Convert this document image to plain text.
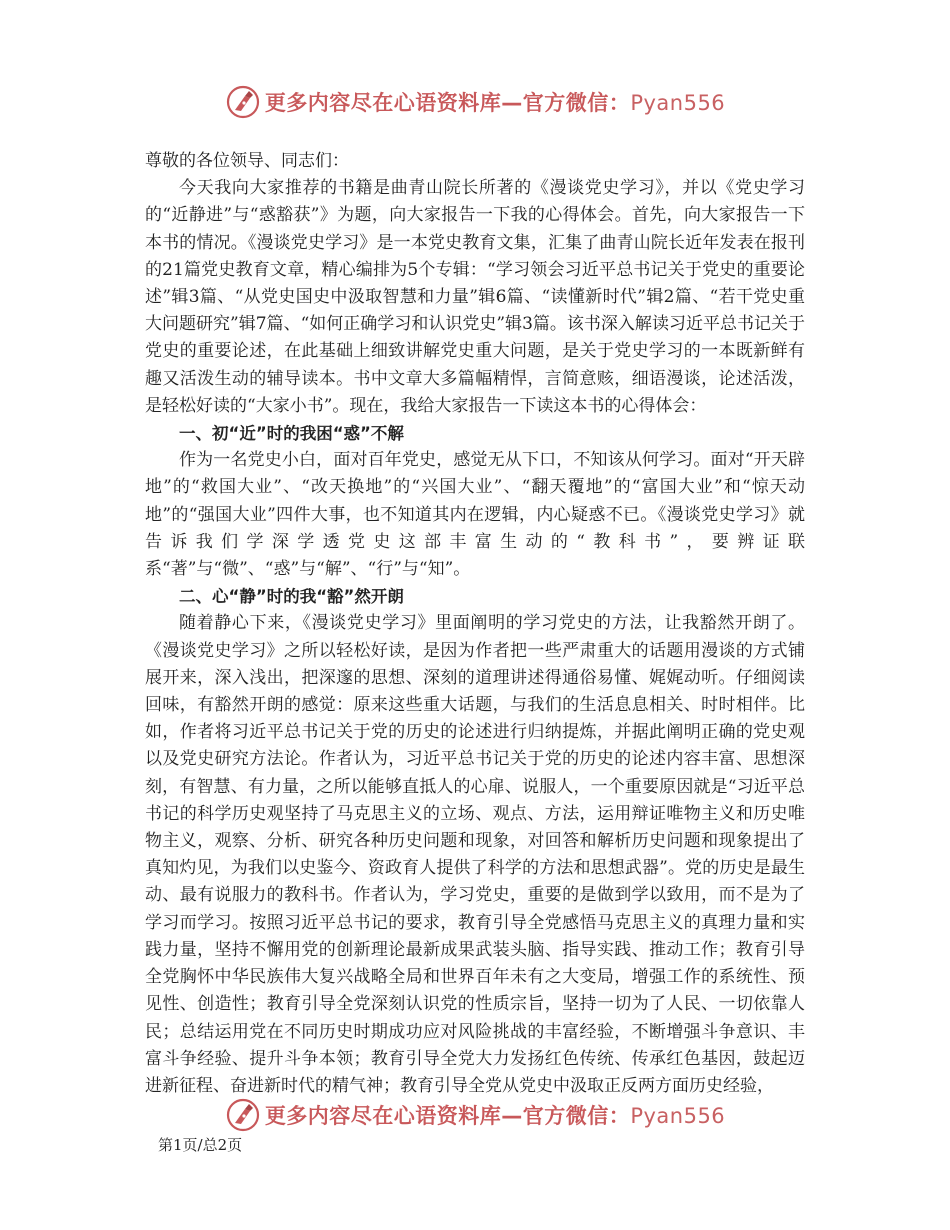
更多内容尽在心语资料库—官方微信：Pyan556

尊敬的各位领导、同志们：

今天我向大家推荐的书籍是曲青山院长所著的《漫谈党史学习》，并以《党史学习的“近静进”与“惑豁获”》为题，向大家报告一下我的心得体会。首先，向大家报告一下本书的情况。《漫谈党史学习》是一本党史教育文集，汇集了曲青山院长近年发表在报刊的21篇党史教育文章，精心编排为5个专辑：“学习领会习近平总书记关于党史的重要论述”辑3篇、“从党史国史中汲取智慧和力量”辑6篇、“读懂新时代”辑2篇、“若干党史重大问题研究”辑7篇、“如何正确学习和认识党史”辑3篇。该书深入解读习近平总书记关于党史的重要论述，在此基础上细致讲解党史重大问题，是关于党史学习的一本既新鲜有趣又活泼生动的辅导读本。书中文章大多篇幅精悍，言简意赅，细语漫谈，论述活泼，是轻松好读的“大家小书”。现在，我给大家报告一下读这本书的心得体会：

一、初“近”时的我困“惑”不解

作为一名党史小白，面对百年党史，感觉无从下口，不知该从何学习。面对“开天辟地”的“救国大业”、“改天换地”的“兴国大业”、“翻天覆地”的“富国大业”和“惊天动地”的“强国大业”四件大事，也不知道其内在逻辑，内心疑惑不已。《漫谈党史学习》就告诉我们学深学透党史这部丰富生动的“教科书”，要辨证联系“著”与“微”、“惑”与“解”、“行”与“知”。

二、心“静”时的我“豁”然开朗

随着静心下来，《漫谈党史学习》里面阐明的学习党史的方法，让我豁然开朗了。《漫谈党史学习》之所以轻松好读，是因为作者把一些严肃重大的话题用漫谈的方式铺展开来，深入浅出，把深邃的思想、深刻的道理讲述得通俗易懂、娓娓动听。仔细阅读回味，有豁然开朗的感觉：原来这些重大话题，与我们的生活息息相关、时时相伴。比如，作者将习近平总书记关于党的历史的论述进行归纳提炼，并据此阐明正确的党史观以及党史研究方法论。作者认为，习近平总书记关于党的历史的论述内容丰富、思想深刻，有智慧、有力量，之所以能够直抵人的心扉、说服人，一个重要原因就是“习近平总书记的科学历史观坚持了马克思主义的立场、观点、方法，运用辩证唯物主义和历史唯物主义，观察、分析、研究各种历史问题和现象，对回答和解析历史问题和现象提出了真知灼见，为我们以史鉴今、资政育人提供了科学的方法和思想武器”。党的历史是最生动、最有说服力的教科书。作者认为，学习党史，重要的是做到学以致用，而不是为了学习而学习。按照习近平总书记的要求，教育引导全党感悟马克思主义的真理力量和实践力量，坚持不懈用党的创新理论最新成果武装头脑、指导实践、推动工作；教育引导全党胸怀中华民族伟大复兴战略全局和世界百年未有之大变局，增强工作的系统性、预见性、创造性；教育引导全党深刻认识党的性质宗旨，坚持一切为了人民、一切依靠人民；总结运用党在不同历史时期成功应对风险挑战的丰富经验，不断增强斗争意识、丰富斗争经验、提升斗争本领；教育引导全党大力发扬红色传统、传承红色基因，鼓起迈进新征程、奋进新时代的精气神；教育引导全党从党史中汲取正反两方面历史经验，

更多内容尽在心语资料库—官方微信：Pyan556
第1页/总2页
